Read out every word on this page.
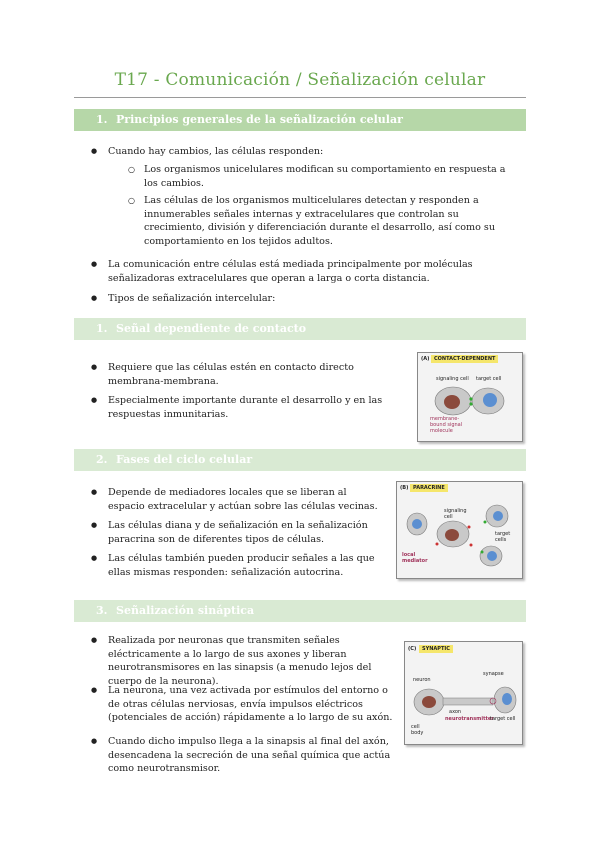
T17 - Comunicación / Señalización celular
1. Principios generales de la señalización celular
● Cuando hay cambios, las células responden:
○ Los organismos unicelulares modifican su comportamiento en respuesta a los cambios.
○ Las células de los organismos multicelulares detectan y responden a innumerables señales internas y extracelulares que controlan su crecimiento, división y diferenciación durante el desarrollo, así como su comportamiento en los tejidos adultos.
● La comunicación entre células está mediada principalmente por moléculas señalizadoras extracelulares que operan a larga o corta distancia.
● Tipos de señalización intercelular:
1. Señal dependiente de contacto
● Requiere que las células estén en contacto directo membrana-membrana.
● Especialmente importante durante el desarrollo y en las respuestas inmunitarias.
(A) CONTACT-DEPENDENT
signaling cell target cell
membrane-bound signal molecule
2. Fases del ciclo celular
● Depende de mediadores locales que se liberan al espacio extracelular y actúan sobre las células vecinas.
● Las células diana y de señalización en la señalización paracrina son de diferentes tipos de células.
● Las células también pueden producir señales a las que ellas mismas responden: señalización autocrina.
(B) PARACRINE
signaling cell
target cells
local mediator
3. Señalización sináptica
● Realizada por neuronas que transmiten señales eléctricamente a lo largo de sus axones y liberan neurotransmisores en las sinapsis (a menudo lejos del cuerpo de la neurona).
● La neurona, una vez activada por estímulos del entorno o de otras células nerviosas, envía impulsos eléctricos (potenciales de acción) rápidamente a lo largo de su axón.
● Cuando dicho impulso llega a la sinapsis al final del axón, desencadena la secreción de una señal química que actúa como neurotransmisor.
(C)	SYNAPTIC
neuron
cell body
axon
synapse
neurotransmitter
target cell
